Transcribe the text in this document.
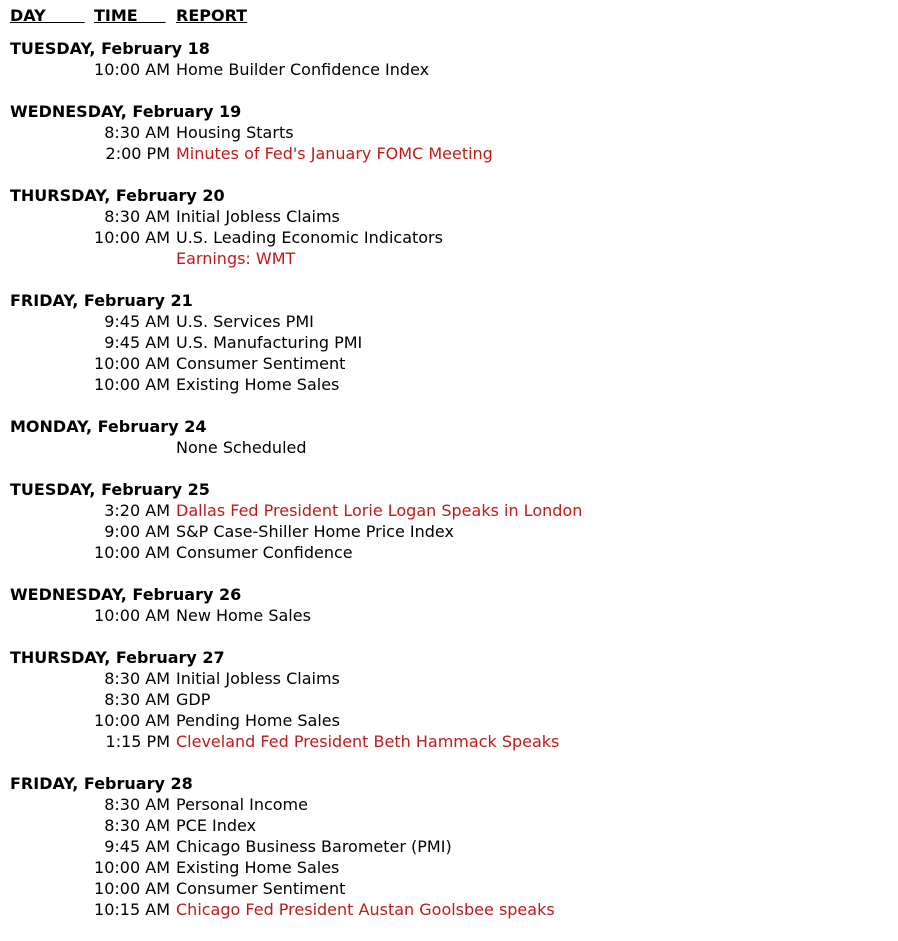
DAY TIME REPORT
TUESDAY, February 18
10:00 AM Home Builder Confidence Index
WEDNESDAY, February 19
8:30 AM Housing Starts
2:00 PM Minutes of Fed's January FOMC Meeting
THURSDAY, February 20
8:30 AM Initial Jobless Claims
10:00 AM U.S. Leading Economic Indicators
Earnings: WMT
FRIDAY, February 21
9:45 AM U.S. Services PMI
9:45 AM U.S. Manufacturing PMI
10:00 AM Consumer Sentiment
10:00 AM Existing Home Sales
MONDAY, February 24
None Scheduled
TUESDAY, February 25
3:20 AM Dallas Fed President Lorie Logan Speaks in London
9:00 AM S&P Case-Shiller Home Price Index
10:00 AM Consumer Confidence
WEDNESDAY, February 26
10:00 AM New Home Sales
THURSDAY, February 27
8:30 AM Initial Jobless Claims
8:30 AM GDP
10:00 AM Pending Home Sales
1:15 PM Cleveland Fed President Beth Hammack Speaks
FRIDAY, February 28
8:30 AM Personal Income
8:30 AM PCE Index
9:45 AM Chicago Business Barometer (PMI)
10:00 AM Existing Home Sales
10:00 AM Consumer Sentiment
10:15 AM Chicago Fed President Austan Goolsbee speaks
